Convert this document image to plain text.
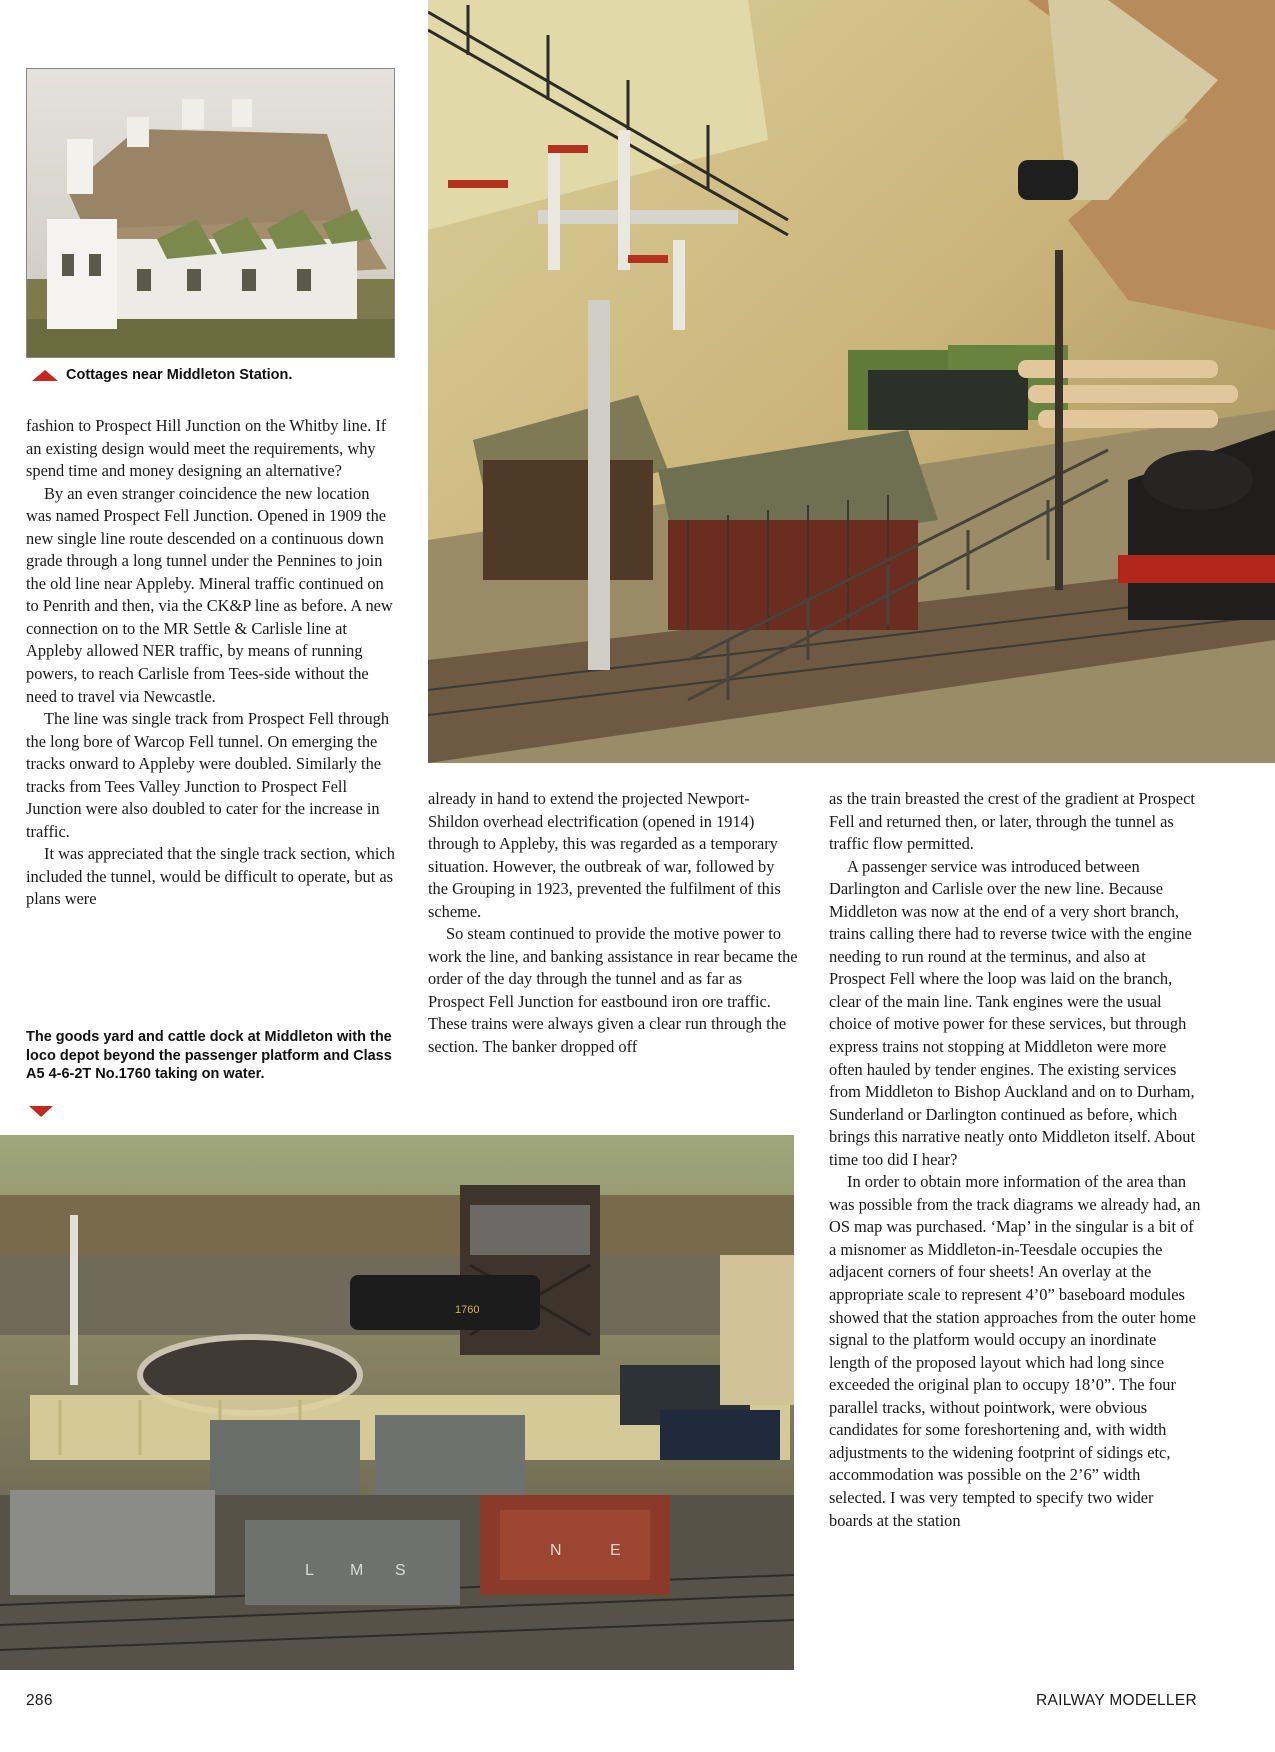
Cottages near Middleton Station.

fashion to Prospect Hill Junction on the Whitby line. If an existing design would meet the requirements, why spend time and money designing an alternative?

By an even stranger coincidence the new location was named Prospect Fell Junction. Opened in 1909 the new single line route descended on a continuous down grade through a long tunnel under the Pennines to join the old line near Appleby. Mineral traffic continued on to Penrith and then, via the CK&P line as before. A new connection on to the MR Settle & Carlisle line at Appleby allowed NER traffic, by means of running powers, to reach Carlisle from Tees-side without the need to travel via Newcastle.

The line was single track from Prospect Fell through the long bore of Warcop Fell tunnel. On emerging the tracks onward to Appleby were doubled. Similarly the tracks from Tees Valley Junction to Prospect Fell Junction were also doubled to cater for the increase in traffic.

It was appreciated that the single track section, which included the tunnel, would be difficult to operate, but as plans were

The goods yard and cattle dock at Middleton with the loco depot beyond the passenger platform and Class A5 4-6-2T No.1760 taking on water.

already in hand to extend the projected Newport-Shildon overhead electrification (opened in 1914) through to Appleby, this was regarded as a temporary situation. However, the outbreak of war, followed by the Grouping in 1923, prevented the fulfilment of this scheme.

So steam continued to provide the motive power to work the line, and banking assistance in rear became the order of the day through the tunnel and as far as Prospect Fell Junction for eastbound iron ore traffic. These trains were always given a clear run through the section. The banker dropped off

as the train breasted the crest of the gradient at Prospect Fell and returned then, or later, through the tunnel as traffic flow permitted.

A passenger service was introduced between Darlington and Carlisle over the new line. Because Middleton was now at the end of a very short branch, trains calling there had to reverse twice with the engine needing to run round at the terminus, and also at Prospect Fell where the loop was laid on the branch, clear of the main line. Tank engines were the usual choice of motive power for these services, but through express trains not stopping at Middleton were more often hauled by tender engines. The existing services from Middleton to Bishop Auckland and on to Durham, Sunderland or Darlington continued as before, which brings this narrative neatly onto Middleton itself. About time too did I hear?

In order to obtain more information of the area than was possible from the track diagrams we already had, an OS map was purchased. ‘Map’ in the singular is a bit of a misnomer as Middleton-in-Teesdale occupies the adjacent corners of four sheets! An overlay at the appropriate scale to represent 4’0” baseboard modules showed that the station approaches from the outer home signal to the platform would occupy an inordinate length of the proposed layout which had long since exceeded the original plan to occupy 18’0”. The four parallel tracks, without pointwork, were obvious candidates for some foreshortening and, with width adjustments to the widening footprint of sidings etc, accommodation was possible on the 2’6” width selected. I was very tempted to specify two wider boards at the station

1760
L M S
N	E
286	RAILWAY MODELLER
